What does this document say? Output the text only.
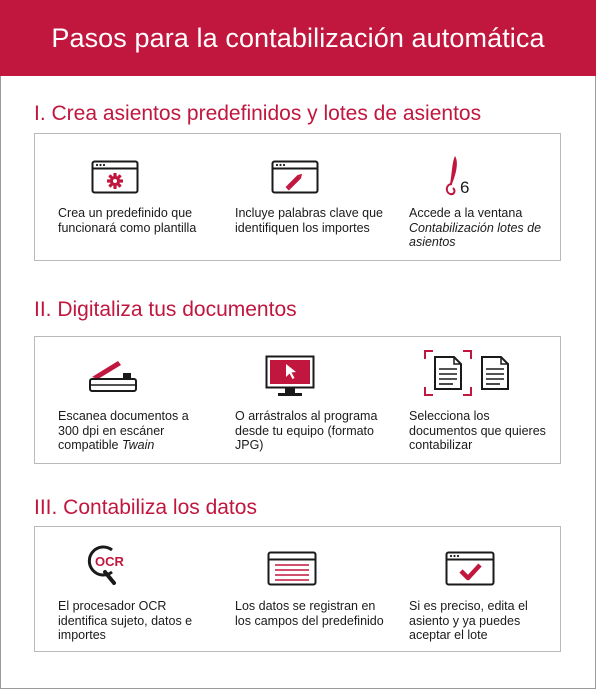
Pasos para la contabilización automática
I. Crea asientos predefinidos y lotes de asientos
Crea un predefinido que funcionará como plantilla
Incluye palabras clave que identifiquen los importes
6
Accede a la ventana
Contabilización lotes de asientos
II. Digitaliza tus documentos
Escanea documentos a 300 dpi en escáner compatible Twain
O arrástralos al programa desde tu equipo (formato JPG)
Selecciona los documentos que quieres contabilizar
III. Contabiliza los datos
OCR
El procesador OCR identifica sujeto, datos e importes
Los datos se registran en los campos del predefinido
Si es preciso, edita el asiento y ya puedes aceptar el lote
